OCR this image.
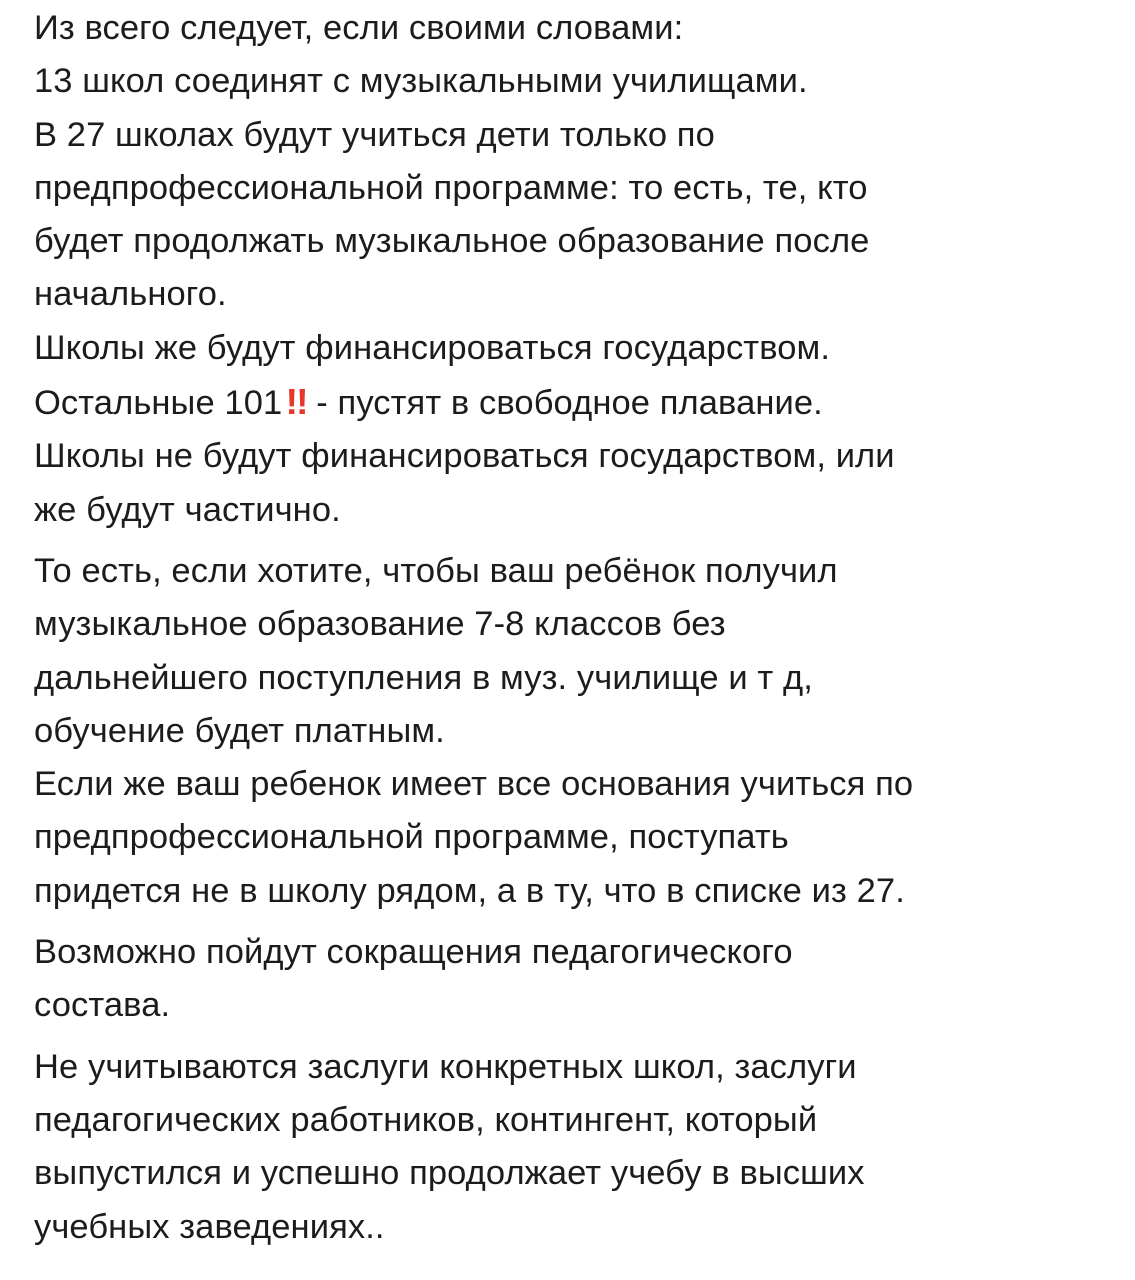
Из всего следует, если своими словами:
13 школ соединят с музыкальными училищами.
В 27 школах будут учиться дети только по
предпрофессиональной программе: то есть, те, кто
будет продолжать музыкальное образование после
начального.
Школы же будут финансироваться государством.
Остальные 101!! - пустят в свободное плавание.
Школы не будут финансироваться государством, или
же будут частично.
То есть, если хотите, чтобы ваш ребёнок получил
музыкальное образование 7-8 классов без
дальнейшего поступления в муз. училище и т д,
обучение будет платным.
Если же ваш ребенок имеет все основания учиться по
предпрофессиональной программе, поступать
придется не в школу рядом, а в ту, что в списке из 27.
Возможно пойдут сокращения педагогического
состава.
Не учитываются заслуги конкретных школ, заслуги
педагогических работников, контингент, который
выпустился и успешно продолжает учебу в высших
учебных заведениях..
